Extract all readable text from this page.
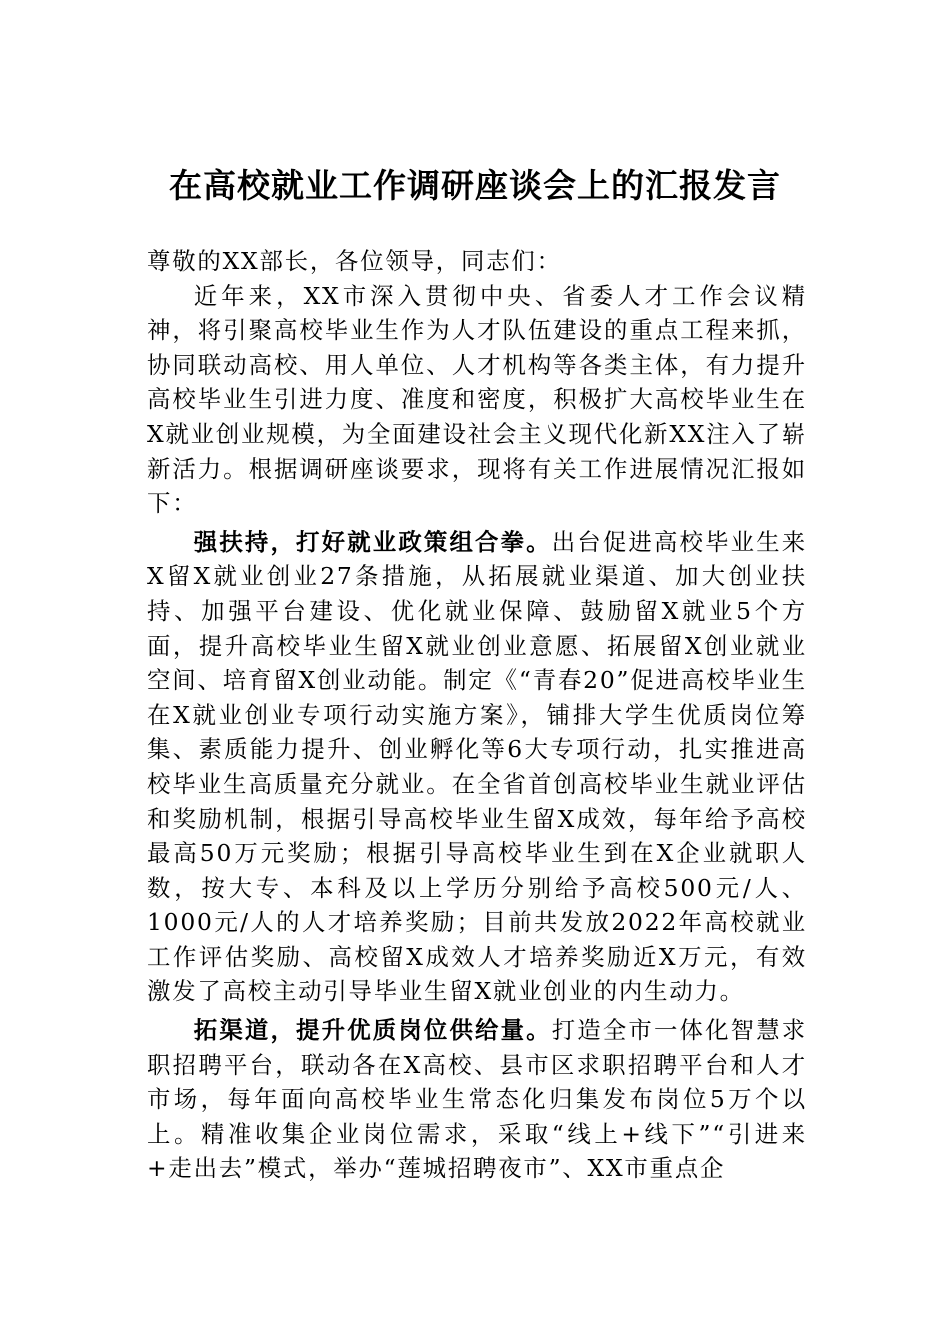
在高校就业工作调研座谈会上的汇报发言

尊敬的XX部长，各位领导，同志们：

近年来，XX市深入贯彻中央、省委人才工作会议精神，将引聚高校毕业生作为人才队伍建设的重点工程来抓，协同联动高校、用人单位、人才机构等各类主体，有力提升高校毕业生引进力度、准度和密度，积极扩大高校毕业生在X就业创业规模，为全面建设社会主义现代化新XX注入了崭新活力。根据调研座谈要求，现将有关工作进展情况汇报如下：

强扶持，打好就业政策组合拳。出台促进高校毕业生来X留X就业创业27条措施，从拓展就业渠道、加大创业扶持、加强平台建设、优化就业保障、鼓励留X就业5个方面，提升高校毕业生留X就业创业意愿、拓展留X创业就业空间、培育留X创业动能。制定《“青春20”促进高校毕业生在X就业创业专项行动实施方案》，铺排大学生优质岗位筹集、素质能力提升、创业孵化等6大专项行动，扎实推进高校毕业生高质量充分就业。在全省首创高校毕业生就业评估和奖励机制，根据引导高校毕业生留X成效，每年给予高校最高50万元奖励；根据引导高校毕业生到在X企业就职人数，按大专、本科及以上学历分别给予高校500元/人、1000元/人的人才培养奖励；目前共发放2022年高校就业工作评估奖励、高校留X成效人才培养奖励近X万元，有效激发了高校主动引导毕业生留X就业创业的内生动力。

拓渠道，提升优质岗位供给量。打造全市一体化智慧求职招聘平台，联动各在X高校、县市区求职招聘平台和人才市场，每年面向高校毕业生常态化归集发布岗位5万个以上。精准收集企业岗位需求，采取“线上+线下”“引进来+走出去”模式，举办“莲城招聘夜市”、XX市重点企
